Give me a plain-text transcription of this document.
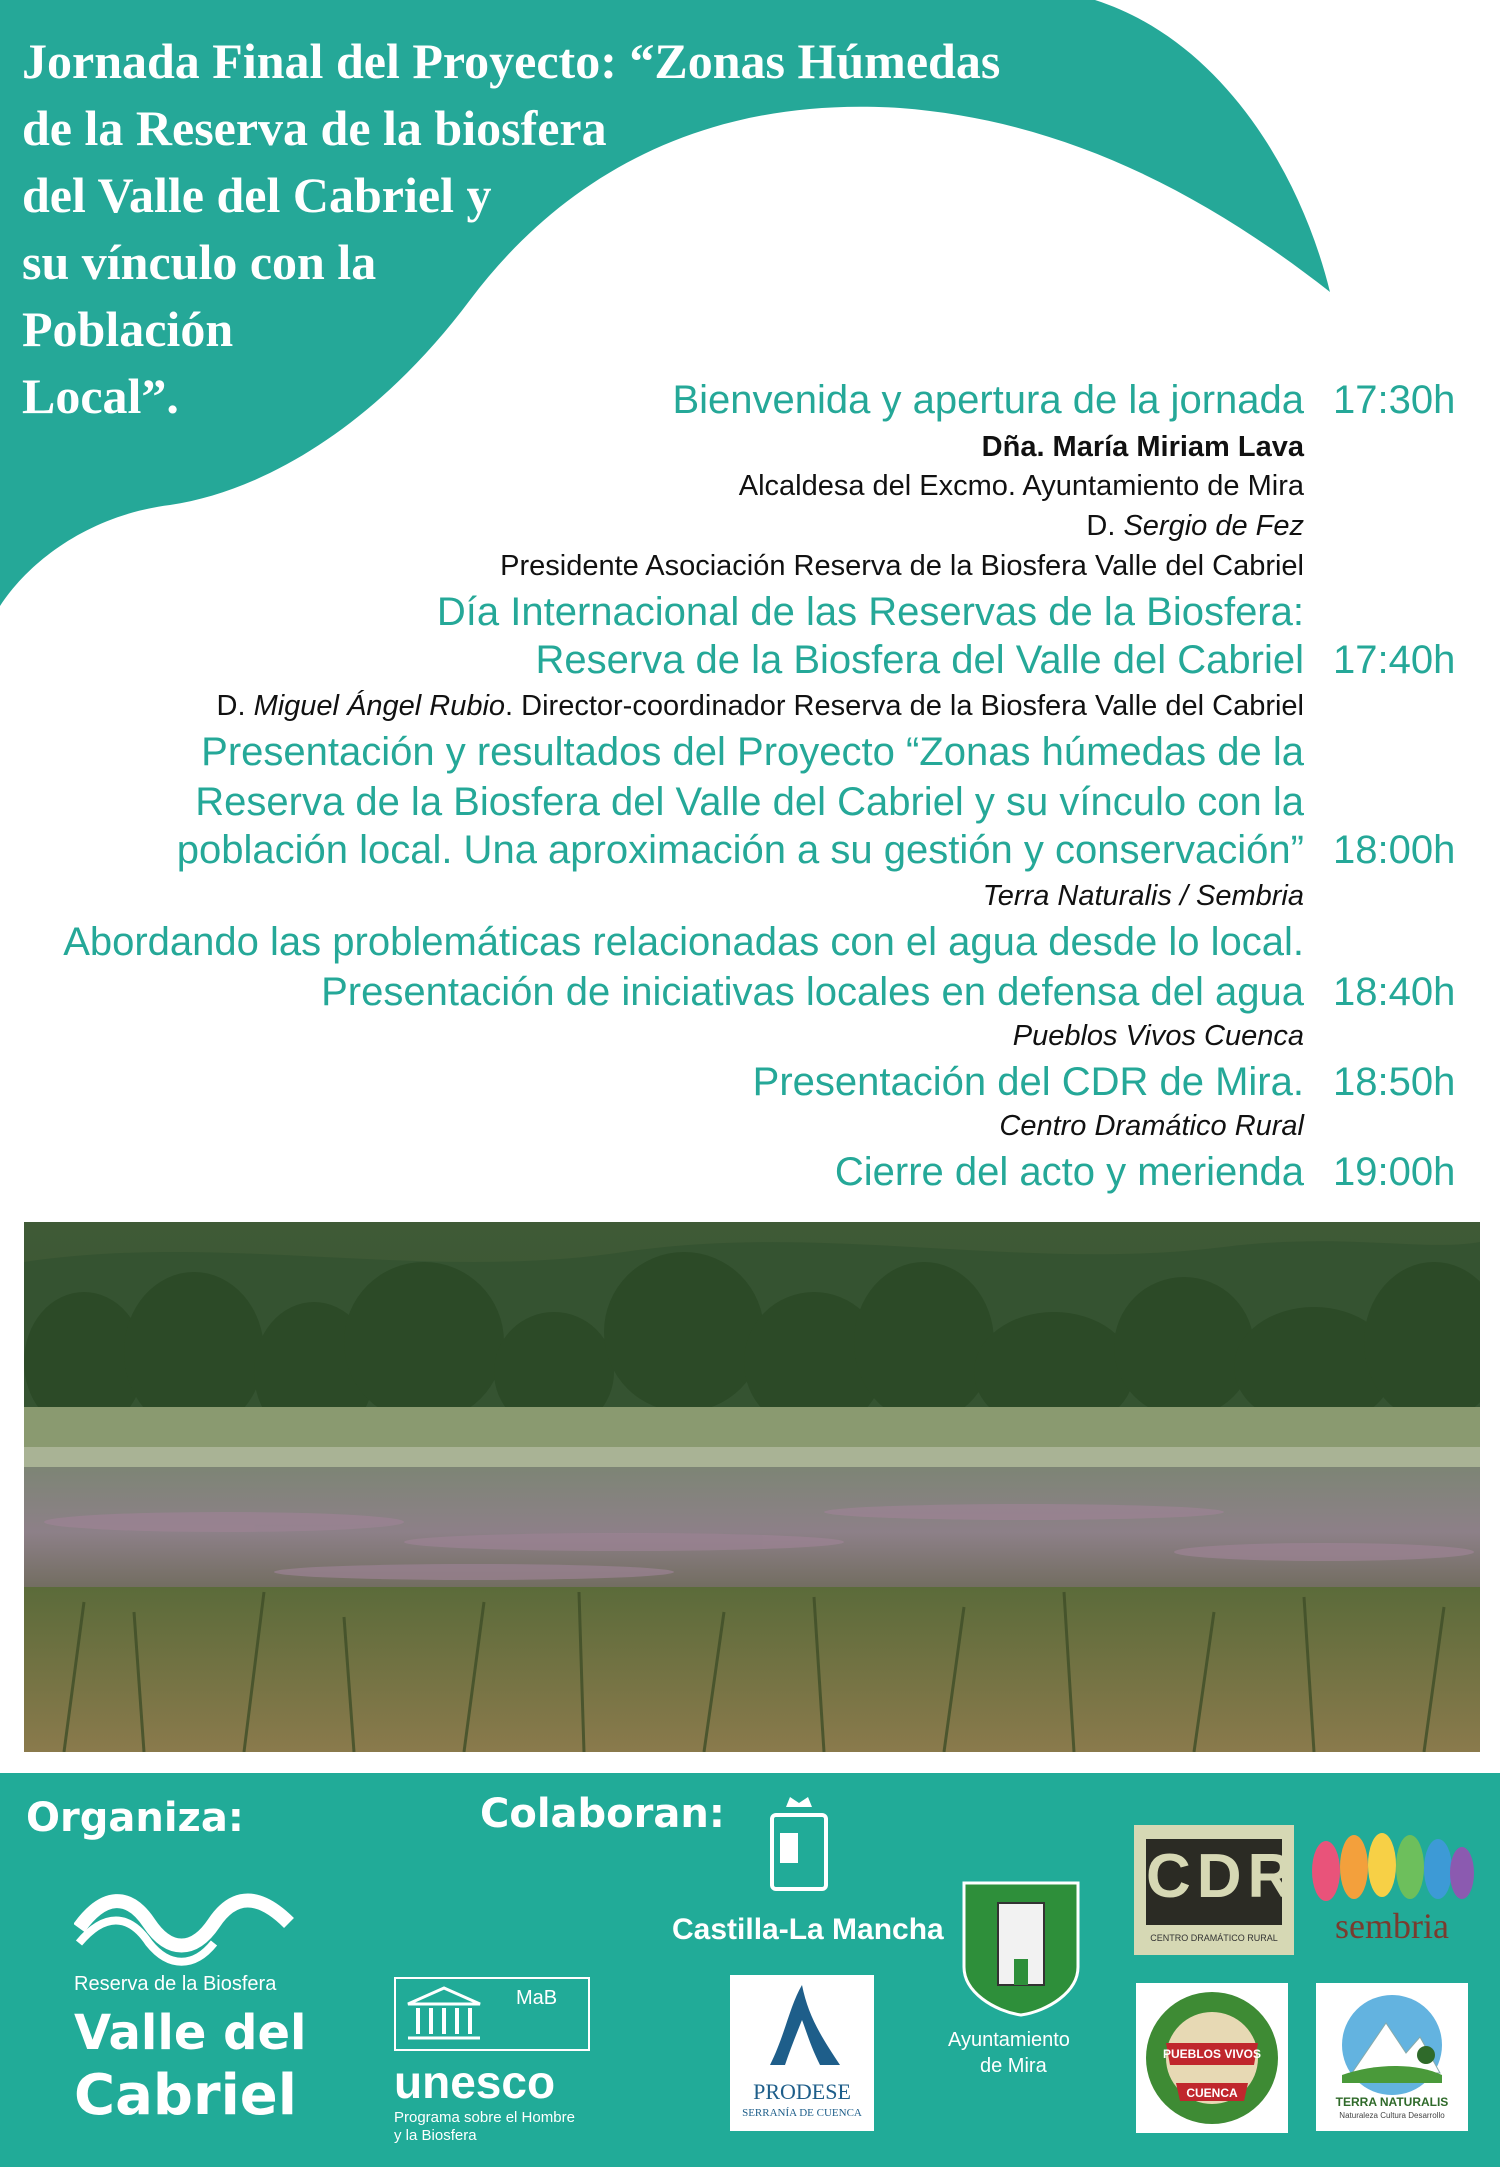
Jornada Final del Proyecto: “Zonas Húmedas
de la Reserva de la biosfera
del Valle del Cabriel y
su vínculo con la
Población
Local”.	Bienvenida y apertura de la jornada 17:30h
Dña. María Miriam Lava
Alcaldesa del Excmo. Ayuntamiento de Mira
D. Sergio de Fez
Presidente Asociación Reserva de la Biosfera Valle del Cabriel
Día Internacional de las Reservas de la Biosfera:
Reserva de la Biosfera del Valle del Cabriel 17:40h
D. Miguel Ángel Rubio. Director-coordinador Reserva de la Biosfera Valle del Cabriel
Presentación y resultados del Proyecto “Zonas húmedas de la
Reserva de la Biosfera del Valle del Cabriel y su vínculo con la
población local. Una aproximación a su gestión y conservación” 18:00h
Terra Naturalis / Sembria
Abordando las problemáticas relacionadas con el agua desde lo local.
Presentación de iniciativas locales en defensa del agua 18:40h
Pueblos Vivos Cuenca
Presentación del CDR de Mira. 18:50h
Centro Dramático Rural
Cierre del acto y merienda 19:00h
Organiza:	Colaboran:
Reserva de la Biosfera
Valle del
Cabriel
MaB
unesco
Programa sobre el Hombre
y la Biosfera
Castilla-La Mancha
Ayuntamiento
de Mira
PRODESE
SERRANÍA DE CUENCA
CDR
CENTRO DRAMÁTICO RURAL	sembria
PUEBLOS VIVOS
CUENCA
TERRA NATURALIS
Naturaleza Cultura Desarrollo
